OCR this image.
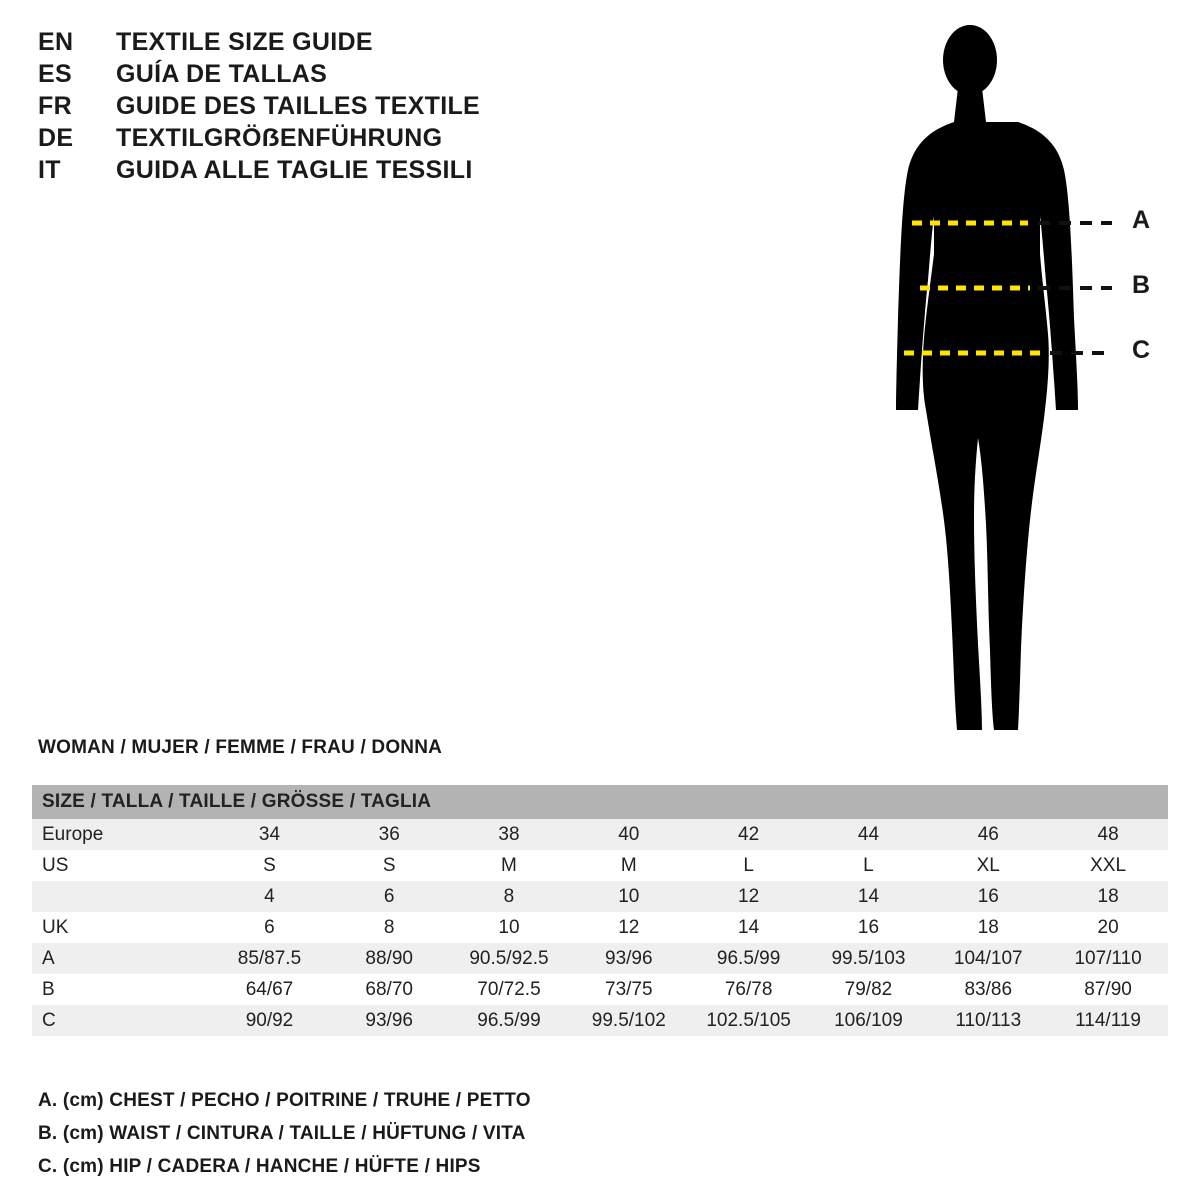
EN	TEXTILE SIZE GUIDE
ES	GUÍA DE TALLAS
FR	GUIDE DES TAILLES TEXTILE
DE	TEXTILGRÖẞENFÜHRUNG
IT	GUIDA ALLE TAGLIE TESSILI
A
B
C
WOMAN / MUJER / FEMME / FRAU / DONNA
SIZE / TALLA / TAILLE / GRÖSSE / TAGLIA								
Europe	34	36	38	40	42	44	46	48
US	S	S	M	M	L	L	XL	XXL
	4	6	8	10	12	14	16	18
UK	6	8	10	12	14	16	18	20
A	85/87.5	88/90	90.5/92.5	93/96	96.5/99	99.5/103	104/107	107/110
B	64/67	68/70	70/72.5	73/75	76/78	79/82	83/86	87/90
C	90/92	93/96	96.5/99	99.5/102	102.5/105	106/109	110/113	114/119
A. (cm) CHEST / PECHO / POITRINE / TRUHE / PETTO
B. (cm) WAIST / CINTURA / TAILLE / HÜFTUNG / VITA
C. (cm) HIP / CADERA / HANCHE / HÜFTE / HIPS
